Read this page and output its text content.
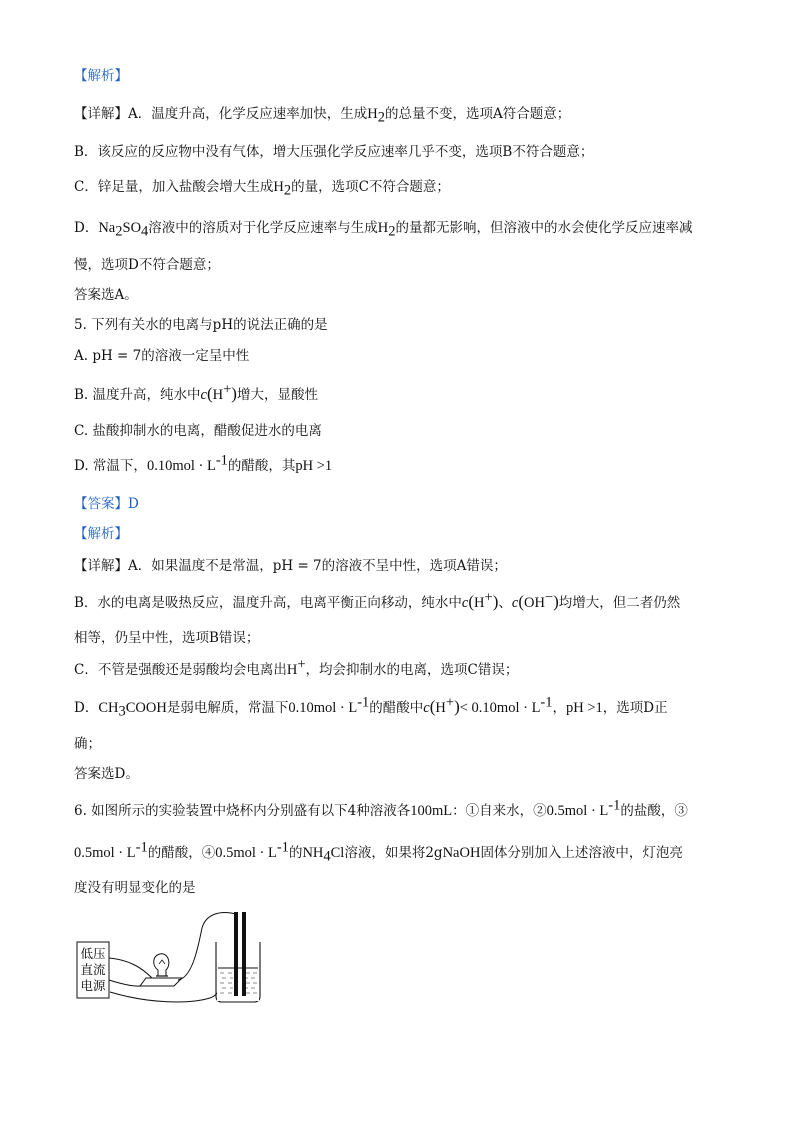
【解析】
【详解】A．温度升高，化学反应速率加快，生成$H_2$的总量不变，选项A符合题意；
B．该反应的反应物中没有气体，增大压强化学反应速率几乎不变，选项B不符合题意；
C．锌足量，加入盐酸会增大生成$H_2$的量，选项C不符合题意；
D．$Na_2SO_4$溶液中的溶质对于化学反应速率与生成$H_2$的量都无影响，但溶液中的水会使化学反应速率减
慢，选项D不符合题意；
答案选A。
5. 下列有关水的电离与pH的说法正确的是
A. pH = 7的溶液一定呈中性
B. 温度升高，纯水中c(H+)增大，显酸性
C. 盐酸抑制水的电离，醋酸促进水的电离
D. 常温下，$0.10mol \cdot L^{-1}$的醋酸，其pH >1
【答案】D
【解析】
【详解】A．如果温度不是常温，pH = 7的溶液不呈中性，选项A错误；
B．水的电离是吸热反应，温度升高，电离平衡正向移动，纯水中c(H+)、c(OH−)均增大，但二者仍然
相等，仍呈中性，选项B错误；
C．不管是强酸还是弱酸均会电离出H+，均会抑制水的电离，选项C错误；
D．$CH_3COOH$是弱电解质，常温下$0.10mol \cdot L^{-1}$的醋酸中$c(H^+)< 0.10mol \cdot L^{-1}$，pH >1，选项D正
确；
答案选D。
6. 如图所示的实验装置中烧杯内分别盛有以下4种溶液各100mL：①自来水，②0.5mol · $L^{-1}$的盐酸，③
$0.5mol \cdot L^{-1}$的醋酸，④0.5mol · $L^{-1}$的$NH_4Cl$溶液，如果将2gNaOH固体分别加入上述溶液中，灯泡亮
度没有明显变化的是
低压
直流
电源
